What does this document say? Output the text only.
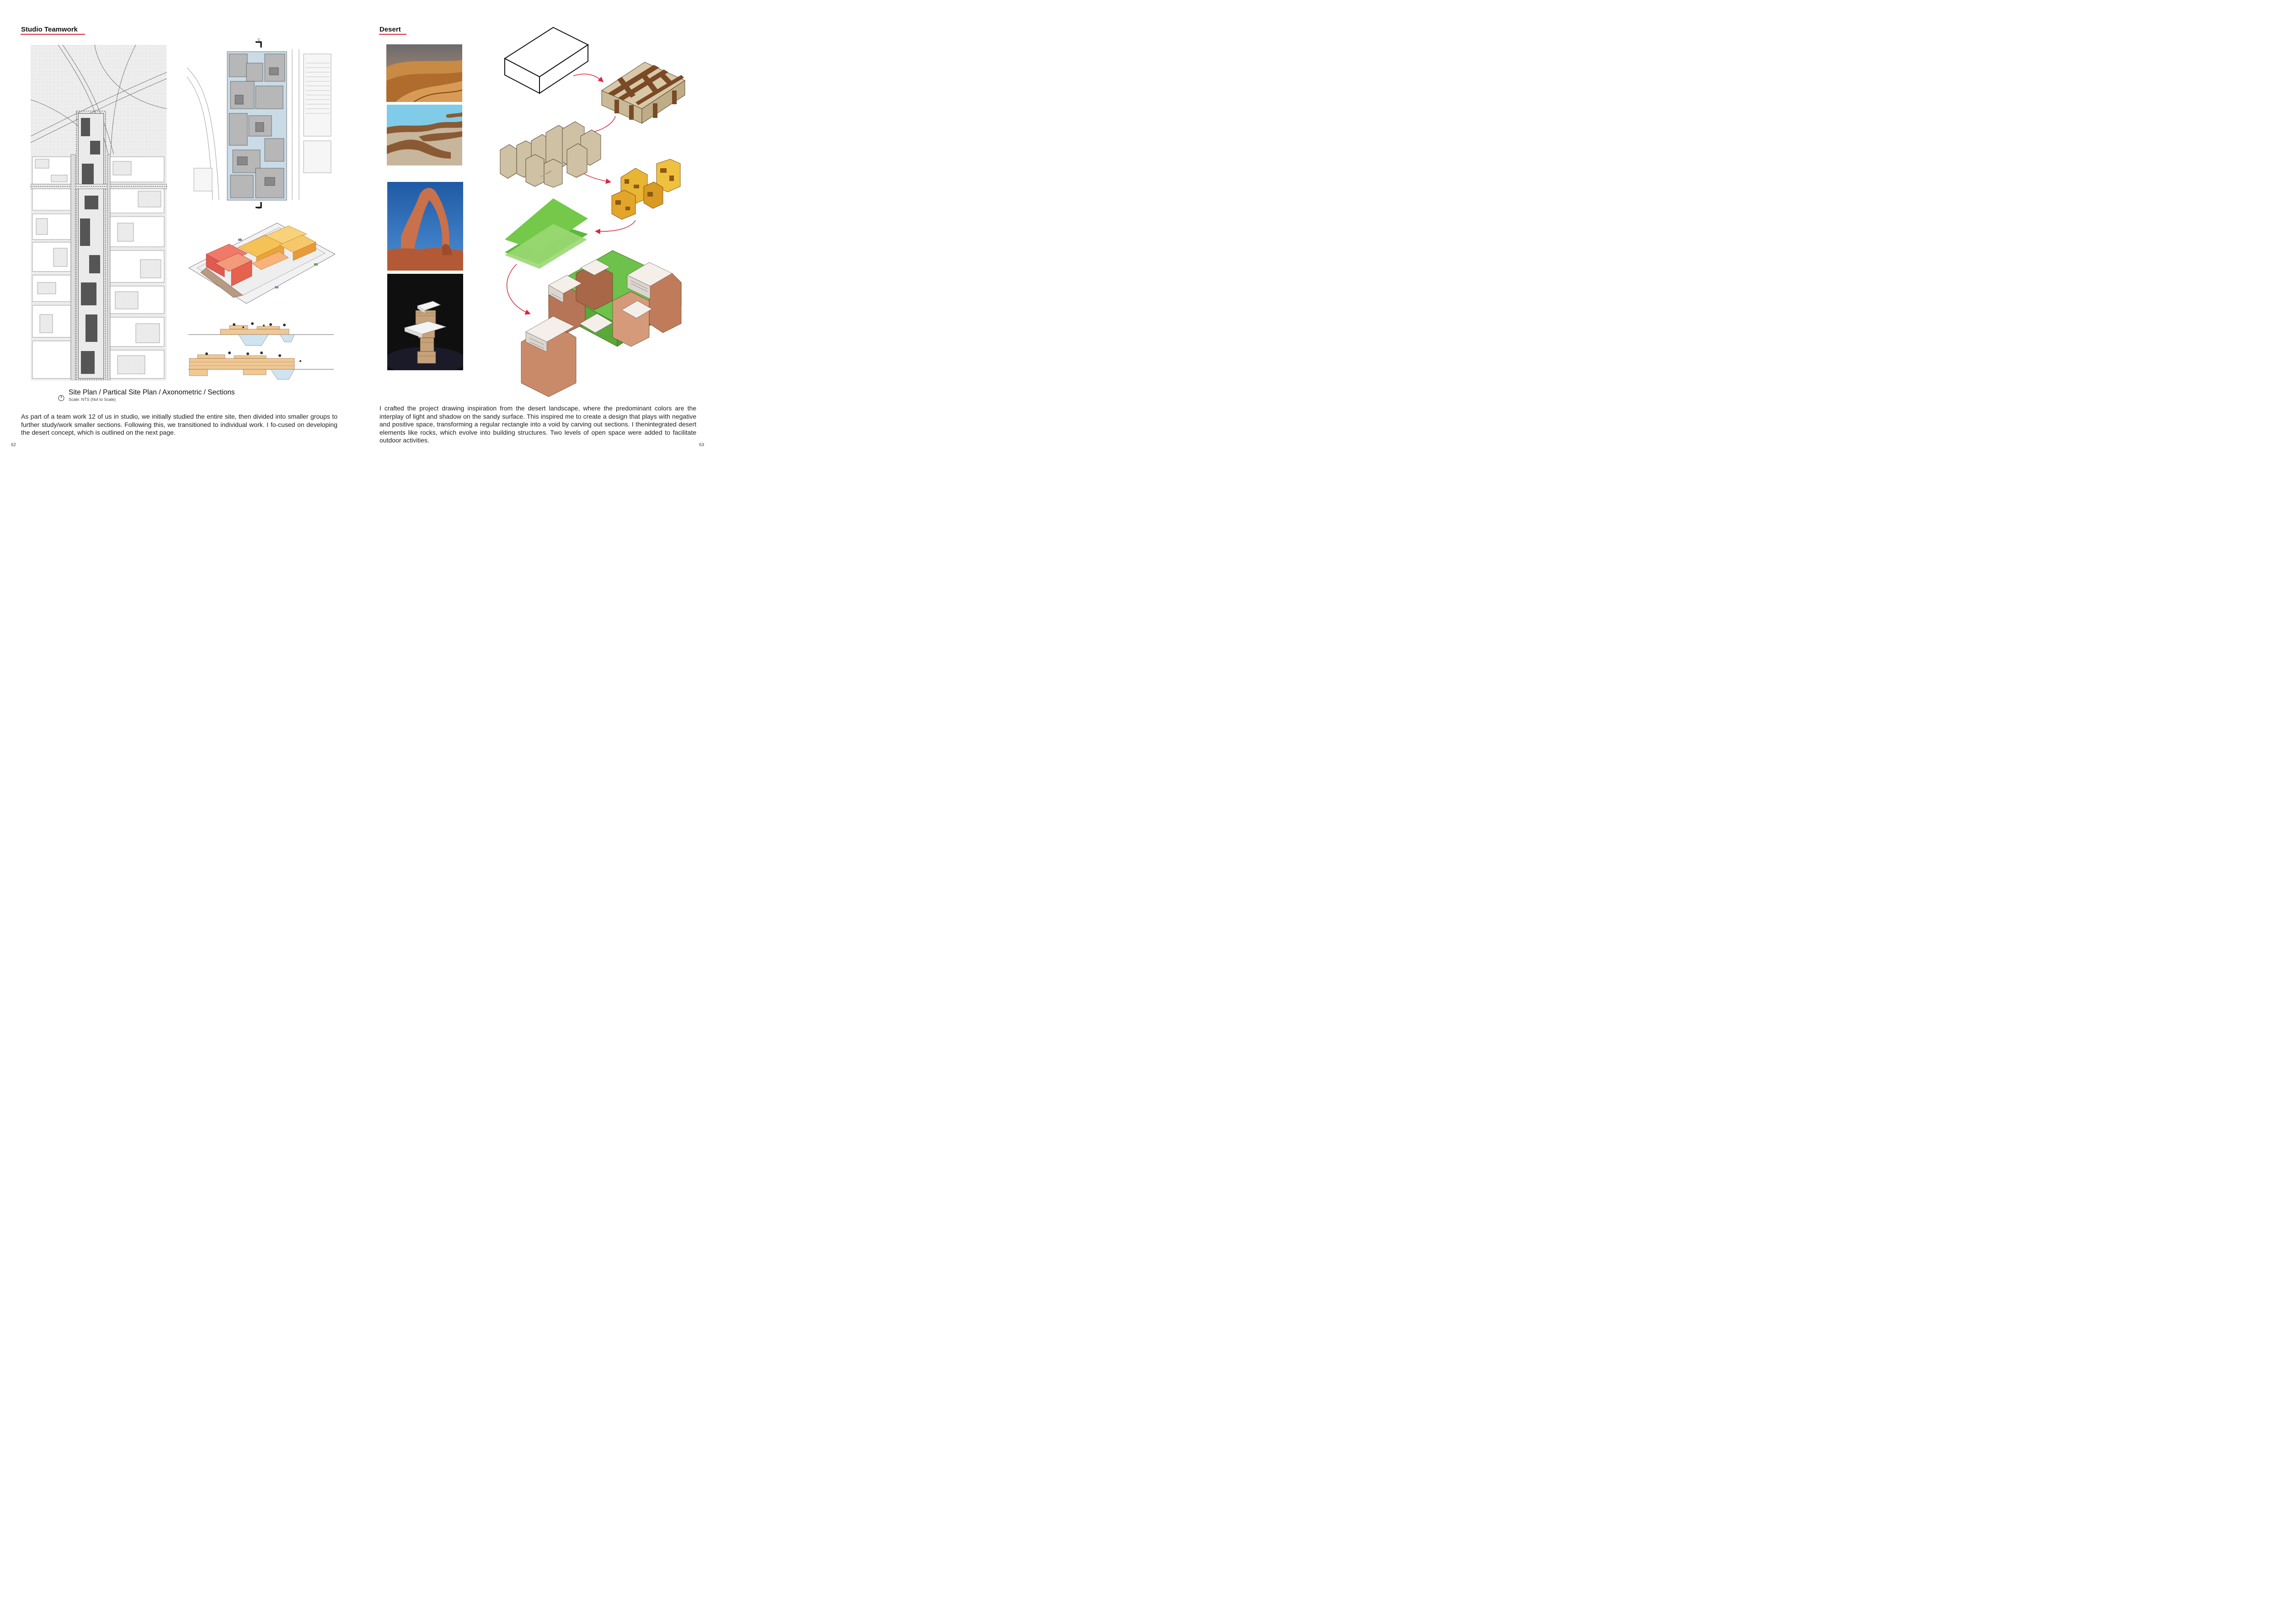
Studio Teamwork
C
C
Site Plan / Partical Site Plan / Axonometric / Sections
Scale: NTS (Not to Scale)
As part of a team work 12 of us in studio, we initially studied the entire site, then divided into smaller groups to further study/work smaller sections. Following this, we transitioned to individual work. I fo-cused on developing the desert concept, which is outlined on the next page.
62
Desert
I crafted the project drawing inspiration from the desert landscape, where the predominant colors are the interplay of light and shadow on the sandy surface. This inspired me to create a design that plays with negative and positive space, transforming a regular rectangle into a void by carving out sections. I thenintegrated desert elements like rocks, which evolve into building structures. Two levels of open space were added to facilitate outdoor activities.
63
